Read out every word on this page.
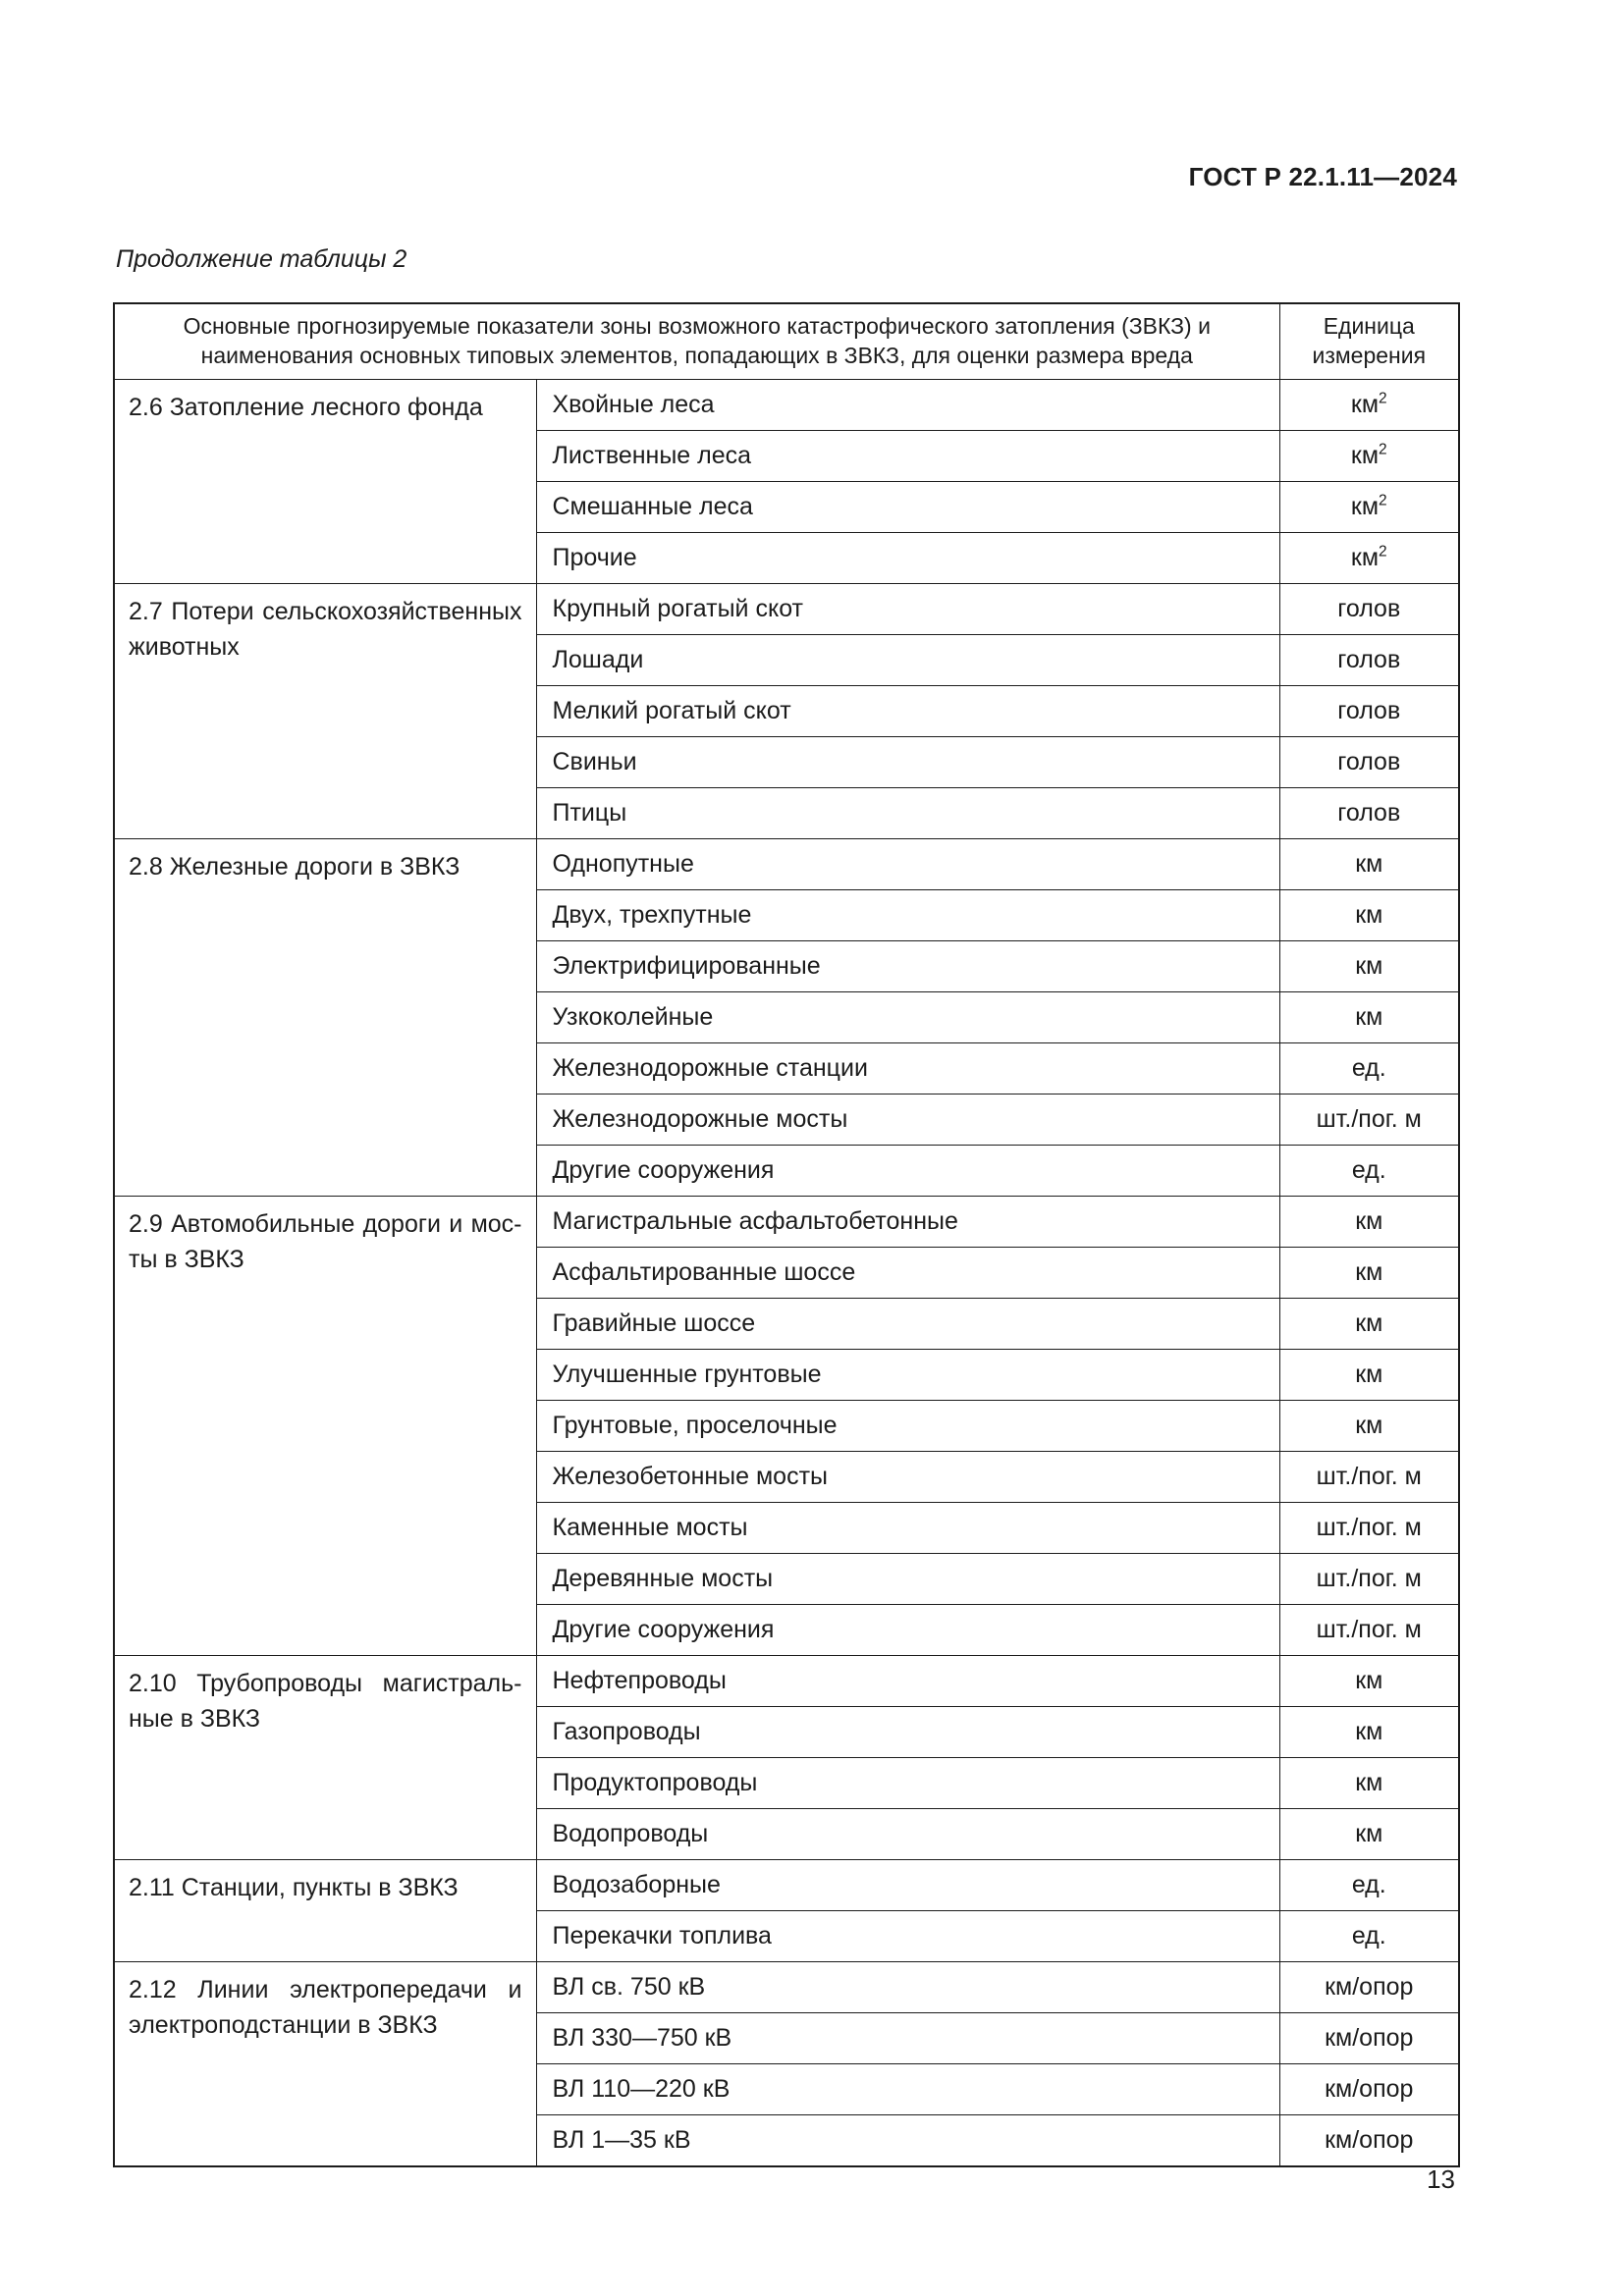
ГОСТ Р 22.1.11—2024
Продолжение таблицы 2
Основные прогнозируемые показатели зоны возможного катастрофического затопления (ЗВКЗ) и наименования основных типовых элементов, попадающих в ЗВКЗ, для оценки размера вреда		Единица измерения
2.6 Затопление лесного фонда	Хвойные леса	$км^2$
	Лиственные леса	$км^2$
	Смешанные леса	$км^2$
	Прочие	$км^2$
2.7 Потери сельскохозяйственных животных	Крупный рогатый скот	голов
	Лошади	голов
	Мелкий рогатый скот	голов
	Свиньи	голов
	Птицы	голов
2.8 Железные дороги в ЗВКЗ	Однопутные	км
	Двух, трехпутные	км
	Электрифицированные	км
	Узкоколейные	км
	Железнодорожные станции	ед.
	Железнодорожные мосты	шт./пог. м
	Другие сооружения	ед.
2.9 Автомобильные дороги и мосты в ЗВКЗ	Магистральные асфальтобетонные	км
	Асфальтированные шоссе	км
	Гравийные шоссе	км
	Улучшенные грунтовые	км
	Грунтовые, проселочные	км
	Железобетонные мосты	шт./пог. м
	Каменные мосты	шт./пог. м
	Деревянные мосты	шт./пог. м
	Другие сооружения	шт./пог. м
2.10 Трубопроводы магистральные в ЗВКЗ	Нефтепроводы	км
	Газопроводы	км
	Продуктопроводы	км
	Водопроводы	км
2.11 Станции, пункты в ЗВКЗ	Водозаборные	ед.
	Перекачки топлива	ед.
2.12 Линии электропередачи и электроподстанции в ЗВКЗ	ВЛ св. 750 кВ	км/опор
	ВЛ 330—750 кВ	км/опор
	ВЛ 110—220 кВ	км/опор
	ВЛ 1—35 кВ	км/опор
13
